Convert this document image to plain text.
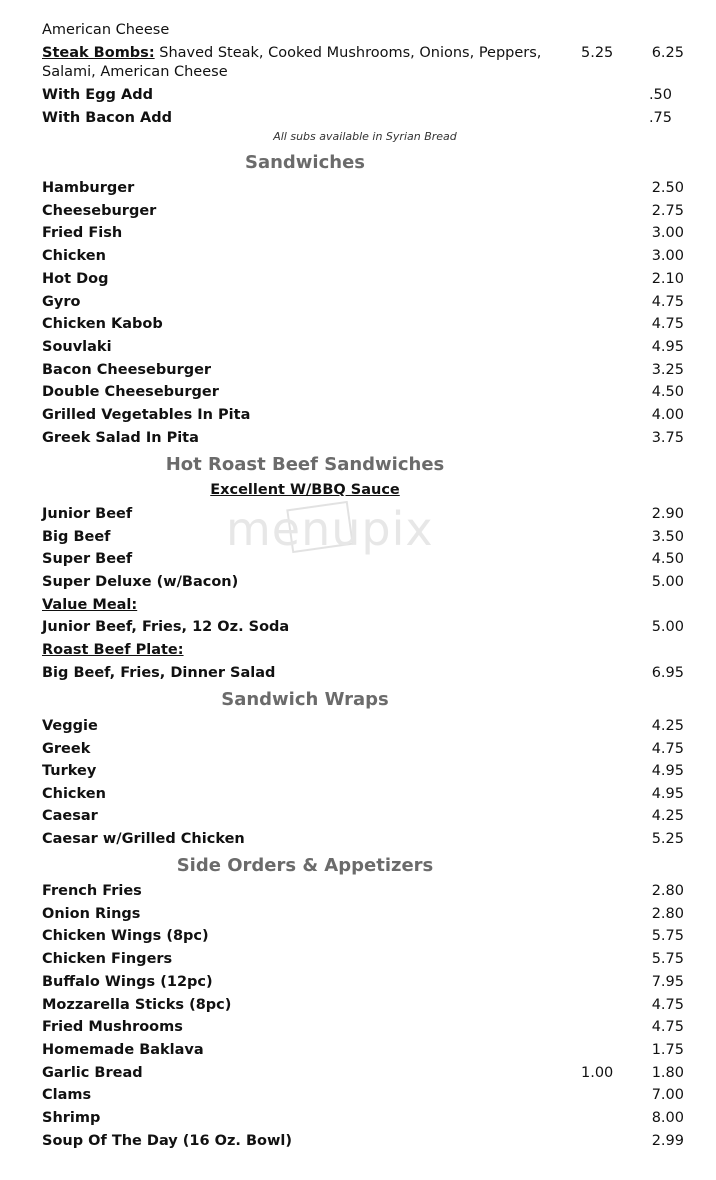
American Cheese
Steak Bombs: Shaved Steak, Cooked Mushrooms, Onions, Peppers,	5.25	6.25
Salami, American Cheese
With Egg Add	.50
With Bacon Add	.75
All subs available in Syrian Bread
Sandwiches
Hamburger	2.50
Cheeseburger	2.75
Fried Fish	3.00
Chicken	3.00
Hot Dog	2.10
Gyro	4.75
Chicken Kabob	4.75
Souvlaki	4.95
Bacon Cheeseburger	3.25
Double Cheeseburger	4.50
Grilled Vegetables In Pita	4.00
Greek Salad In Pita	3.75
Hot Roast Beef Sandwiches
Excellent W/BBQ Sauce
Junior Beef	2.90
Big Beef	3.50
Super Beef	4.50
Super Deluxe (w/Bacon)	5.00
Value Meal:
Junior Beef, Fries, 12 Oz. Soda	5.00
Roast Beef Plate:
Big Beef, Fries, Dinner Salad	6.95
Sandwich Wraps
Veggie	4.25
Greek	4.75
Turkey	4.95
Chicken	4.95
Caesar	4.25
Caesar w/Grilled Chicken	5.25
Side Orders & Appetizers
French Fries	2.80
Onion Rings	2.80
Chicken Wings (8pc)	5.75
Chicken Fingers	5.75
Buffalo Wings (12pc)	7.95
Mozzarella Sticks (8pc)	4.75
Fried Mushrooms	4.75
Homemade Baklava	1.75
Garlic Bread	1.00	1.80
Clams	7.00
Shrimp	8.00
Soup Of The Day (16 Oz. Bowl)	2.99
menupix
